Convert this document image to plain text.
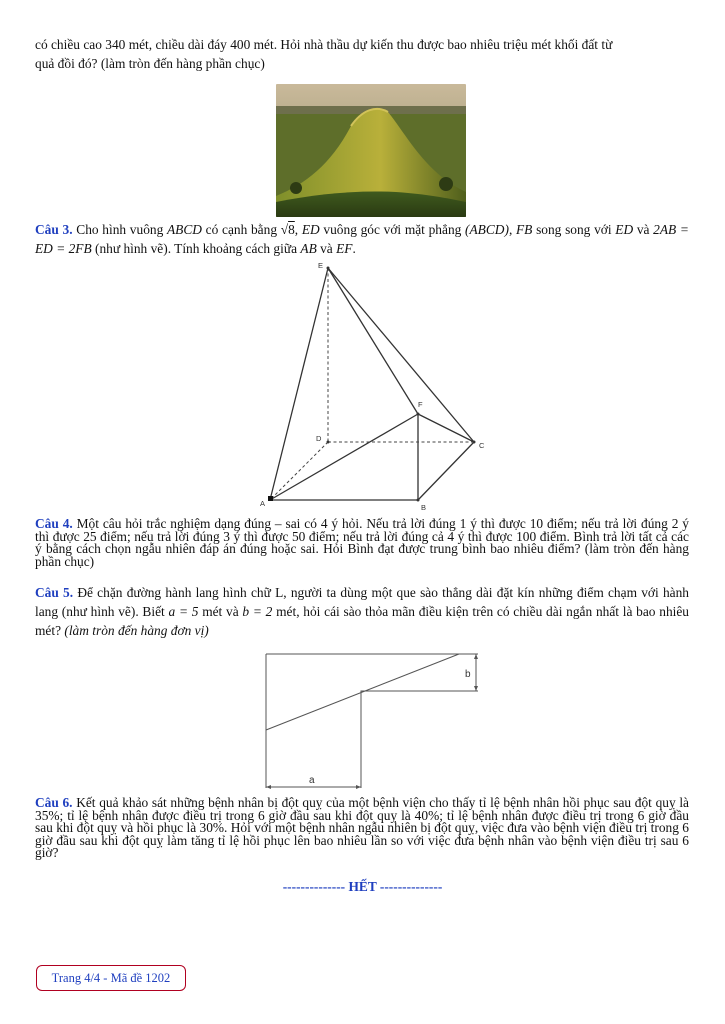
có chiều cao 340 mét, chiều dài đáy 400 mét. Hỏi nhà thầu dự kiến thu được bao nhiêu triệu mét khối đất từ
quả đồi đó? (làm tròn đến hàng phần chục)

Câu 3. Cho hình vuông ABCD có cạnh bằng √8, ED vuông góc với mặt phẳng (ABCD), FB song song với ED và 2AB = ED = 2FB (như hình vẽ). Tính khoảng cách giữa AB và EF.

E
F
D
C
A	B

Câu 4. Một câu hỏi trắc nghiệm dạng đúng – sai có 4 ý hỏi. Nếu trả lời đúng 1 ý thì được 10 điểm; nếu trả lời đúng 2 ý thì được 25 điểm; nếu trả lời đúng 3 ý thì được 50 điểm; nếu trả lời đúng cả 4 ý thì được 100 điểm. Bình trả lời tất cả các ý bằng cách chọn ngẫu nhiên đáp án đúng hoặc sai. Hỏi Bình đạt được trung bình bao nhiêu điểm? (làm tròn đến hàng phần chục)

Câu 5. Để chặn đường hành lang hình chữ L, người ta dùng một que sào thẳng dài đặt kín những điểm chạm với hành lang (như hình vẽ). Biết a = 5 mét và b = 2 mét, hỏi cái sào thỏa mãn điều kiện trên có chiều dài ngắn nhất là bao nhiêu mét? (làm tròn đến hàng đơn vị)

a
b

Câu 6. Kết quả khảo sát những bệnh nhân bị đột quỵ của một bệnh viện cho thấy tỉ lệ bệnh nhân hồi phục sau đột quỵ là 35%; tỉ lệ bệnh nhân được điều trị trong 6 giờ đầu sau khi đột quỵ là 40%; tỉ lệ bệnh nhân được điều trị trong 6 giờ đầu sau khi đột quỵ và hồi phục là 30%. Hỏi với một bệnh nhân ngẫu nhiên bị đột quỵ, việc đưa vào bệnh viện điều trị trong 6 giờ đầu sau khi đột quỵ làm tăng tỉ lệ hồi phục lên bao nhiêu lần so với việc đưa bệnh nhân vào bệnh viện điều trị sau 6 giờ?

-------------- HẾT --------------
Trang 4/4 - Mã đề 1202
